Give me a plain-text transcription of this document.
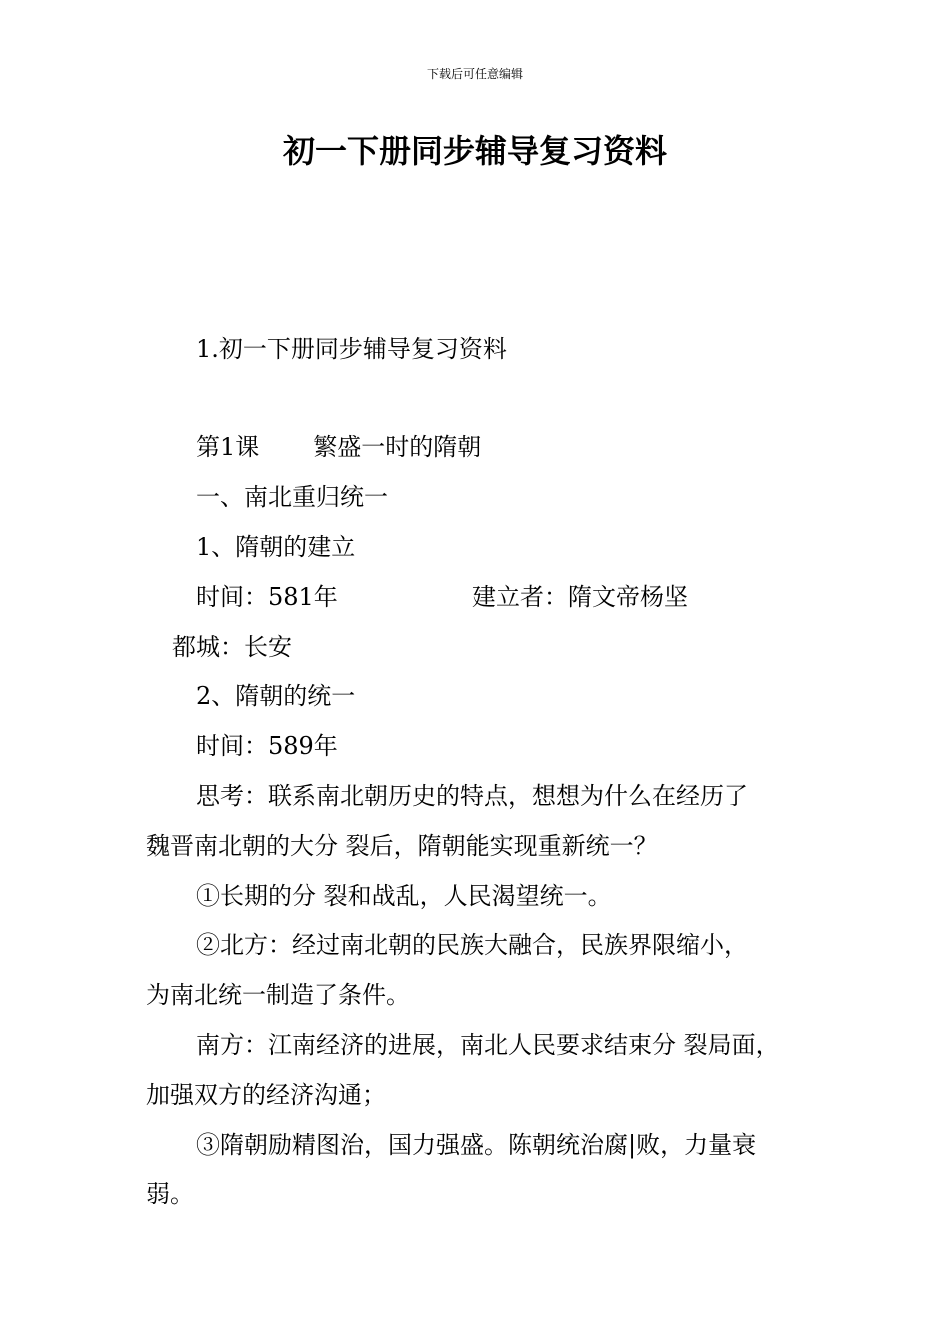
下载后可任意编辑
初一下册同步辅导复习资料
1.初一下册同步辅导复习资料
第1课 繁盛一时的隋朝
一、南北重归统一
1、隋朝的建立
时间：581年	建立者：隋文帝杨坚
都城：长安
2、隋朝的统一
时间：589年
思考：联系南北朝历史的特点，想想为什么在经历了
魏晋南北朝的大分 裂后，隋朝能实现重新统一？
①长期的分 裂和战乱，人民渴望统一。
②北方：经过南北朝的民族大融合，民族界限缩小，
为南北统一制造了条件。
南方：江南经济的进展，南北人民要求结束分 裂局面，
加强双方的经济沟通；
③隋朝励精图治，国力强盛。陈朝统治腐|败，力量衰
弱。
